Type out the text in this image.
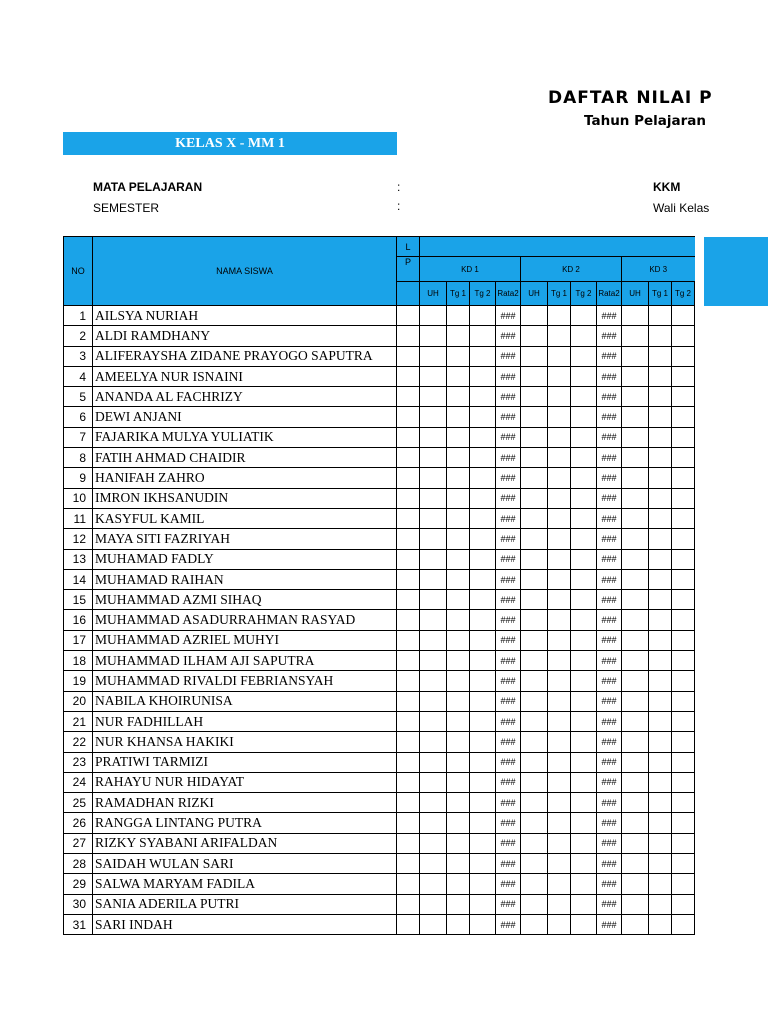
DAFTAR NILAI P
Tahun Pelajaran
KELAS X - MM 1
MATA PELAJARAN	:
SEMESTER	:
KKM
Wali Kelas
NO	NAMA SISWA	L											
		P	KD 1				KD 2				KD 3		
			UH	Tg 1	Tg 2	Rata2	UH	Tg 1	Tg 2	Rata2	UH	Tg 1	Tg 2
1	AILSYA NURIAH					###				###			
2	ALDI RAMDHANY					###				###			
3	ALIFERAYSHA ZIDANE PRAYOGO SAPUTRA					###				###			
4	AMEELYA NUR ISNAINI					###				###			
5	ANANDA AL FACHRIZY					###				###			
6	DEWI ANJANI					###				###			
7	FAJARIKA MULYA YULIATIK					###				###			
8	FATIH AHMAD CHAIDIR					###				###			
9	HANIFAH ZAHRO					###				###			
10	IMRON IKHSANUDIN					###				###			
11	KASYFUL KAMIL					###				###			
12	MAYA SITI FAZRIYAH					###				###			
13	MUHAMAD FADLY					###				###			
14	MUHAMAD RAIHAN					###				###			
15	MUHAMMAD AZMI SIHAQ					###				###			
16	MUHAMMAD ASADURRAHMAN RASYAD					###				###			
17	MUHAMMAD AZRIEL MUHYI					###				###			
18	MUHAMMAD ILHAM AJI SAPUTRA					###				###			
19	MUHAMMAD RIVALDI FEBRIANSYAH					###				###			
20	NABILA KHOIRUNISA					###				###			
21	NUR FADHILLAH					###				###			
22	NUR KHANSA HAKIKI					###				###			
23	PRATIWI TARMIZI					###				###			
24	RAHAYU NUR HIDAYAT					###				###			
25	RAMADHAN RIZKI					###				###			
26	RANGGA LINTANG PUTRA					###				###			
27	RIZKY SYABANI ARIFALDAN					###				###			
28	SAIDAH WULAN SARI					###				###			
29	SALWA MARYAM FADILA					###				###			
30	SANIA ADERILA PUTRI					###				###			
31	SARI INDAH					###				###			
